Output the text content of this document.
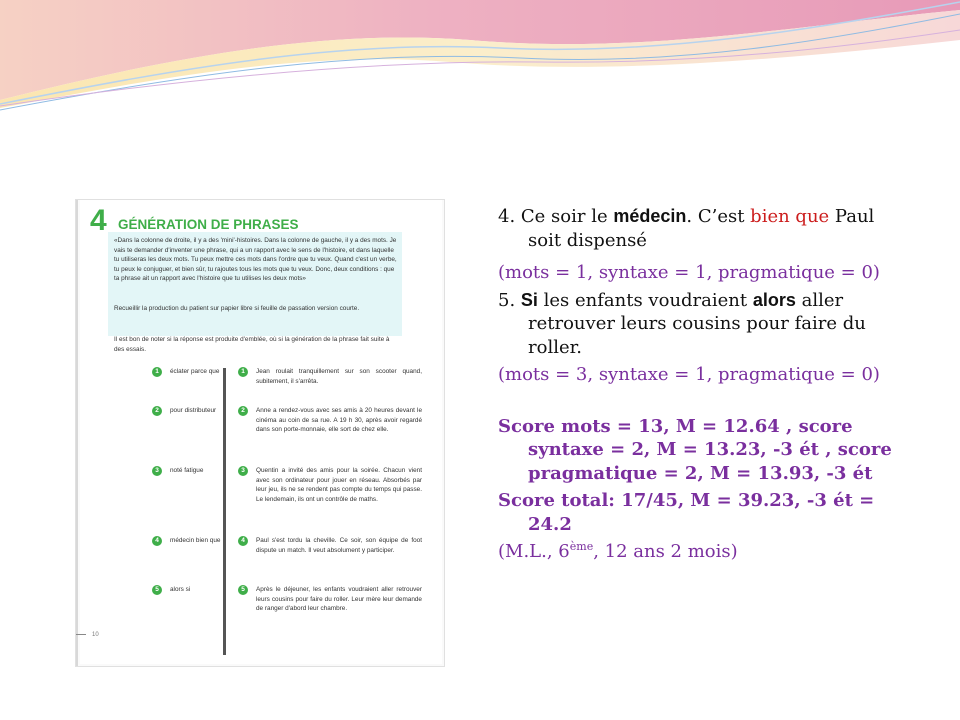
4 GÉNÉRATION DE PHRASES
«Dans la colonne de droite, il y a des 'mini'-histoires. Dans la colonne de gauche, il y a des mots. Je vais te demander d'inventer une phrase, qui a un rapport avec le sens de l'histoire, et dans laquelle tu utiliseras les deux mots. Tu peux mettre ces mots dans l'ordre que tu veux. Quand c'est un verbe, tu peux le conjuguer, et bien sûr, tu rajoutes tous les mots que tu veux. Donc, deux conditions : que ta phrase ait un rapport avec l'histoire que tu utilises les deux mots»
Recueillir la production du patient sur papier libre si feuille de passation version courte.
Il est bon de noter si la réponse est produite d'emblée, où si la génération de la phrase fait suite à des essais.
1	éclater parce que	1	Jean roulait tranquillement sur son scooter quand, subitement, il s'arrêta.
2	pour distributeur	2	Anne a rendez-vous avec ses amis à 20 heures devant le cinéma au coin de sa rue. A 19 h 30, après avoir regardé dans son porte-monnaie, elle sort de chez elle.
3	noté fatigue	3	Quentin a invité des amis pour la soirée. Chacun vient avec son ordinateur pour jouer en réseau. Absorbés par leur jeu, ils ne se rendent pas compte du temps qui passe. Le lendemain, ils ont un contrôle de maths.
4	médecin bien que	4	Paul s'est tordu la cheville. Ce soir, son équipe de foot dispute un match. Il veut absolument y participer.
5	alors si	5	Après le déjeuner, les enfants voudraient aller retrouver leurs cousins pour faire du roller. Leur mère leur demande de ranger d'abord leur chambre.
10

4. Ce soir le médecin. C’est bien que Paul soit dispensé

(mots = 1, syntaxe = 1, pragmatique = 0)

5. Si les enfants voudraient alors aller retrouver leurs cousins pour faire du roller.

(mots = 3, syntaxe = 1, pragmatique = 0)

Score mots = 13, M = 12.64 , score syntaxe = 2, M = 13.23, -3 ét , score pragmatique = 2, M = 13.93, -3 ét

Score total: 17/45, M = 39.23, -3 ét = 24.2

(M.L., 6ème, 12 ans 2 mois)
